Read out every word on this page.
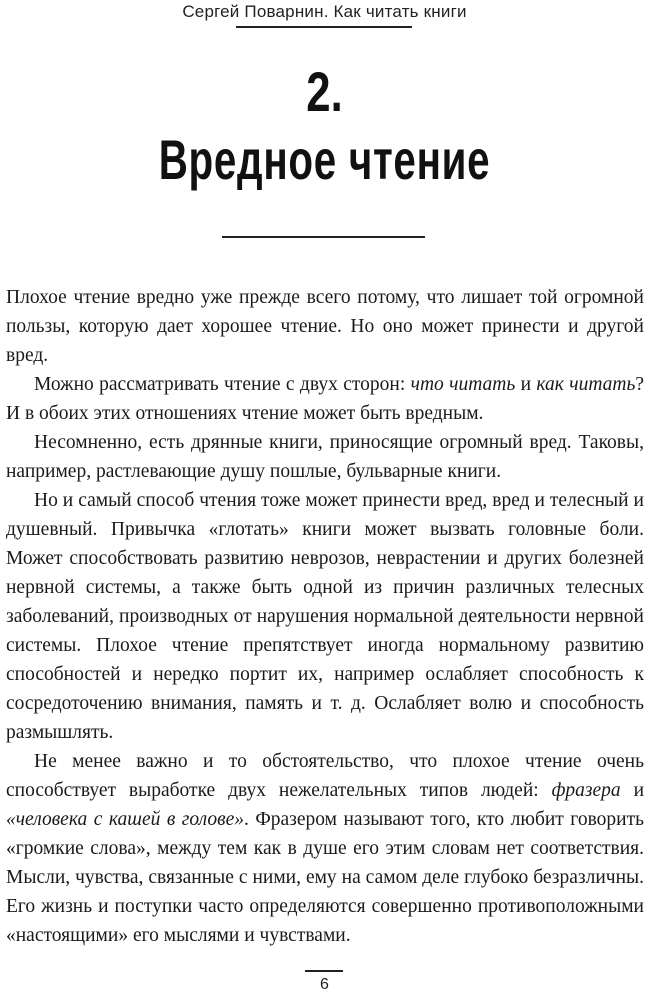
Сергей Поварнин. Как читать книги
2.
Вредное чтение

Плохое чтение вредно уже прежде всего потому, что лишает той огромной пользы, которую дает хорошее чтение. Но оно может принести и другой вред.

Можно рассматривать чтение с двух сторон: что читать и как читать? И в обоих этих отношениях чтение может быть вредным.

Несомненно, есть дрянные книги, приносящие огромный вред. Таковы, например, растлевающие душу пошлые, бульварные книги.

Но и самый способ чтения тоже может принести вред, вред и телесный и душевный. Привычка «глотать» книги может вызвать головные боли. Может способствовать развитию неврозов, неврастении и других болезней нервной системы, а также быть одной из причин различных телесных заболеваний, производных от нарушения нормальной деятельности нервной системы. Плохое чтение препятствует иногда нормальному развитию способностей и нередко портит их, например ослабляет способность к сосредоточению внимания, память и т. д. Ослабляет волю и способность размышлять.

Не менее важно и то обстоятельство, что плохое чтение очень способствует выработке двух нежелательных типов людей: фразера и «человека с кашей в голове». Фразером называют того, кто любит говорить «громкие слова», между тем как в душе его этим словам нет соответствия. Мысли, чувства, связанные с ними, ему на самом деле глубоко безразличны. Его жизнь и поступки часто определяются совершенно противоположными «настоящими» его мыслями и чувствами.

6
